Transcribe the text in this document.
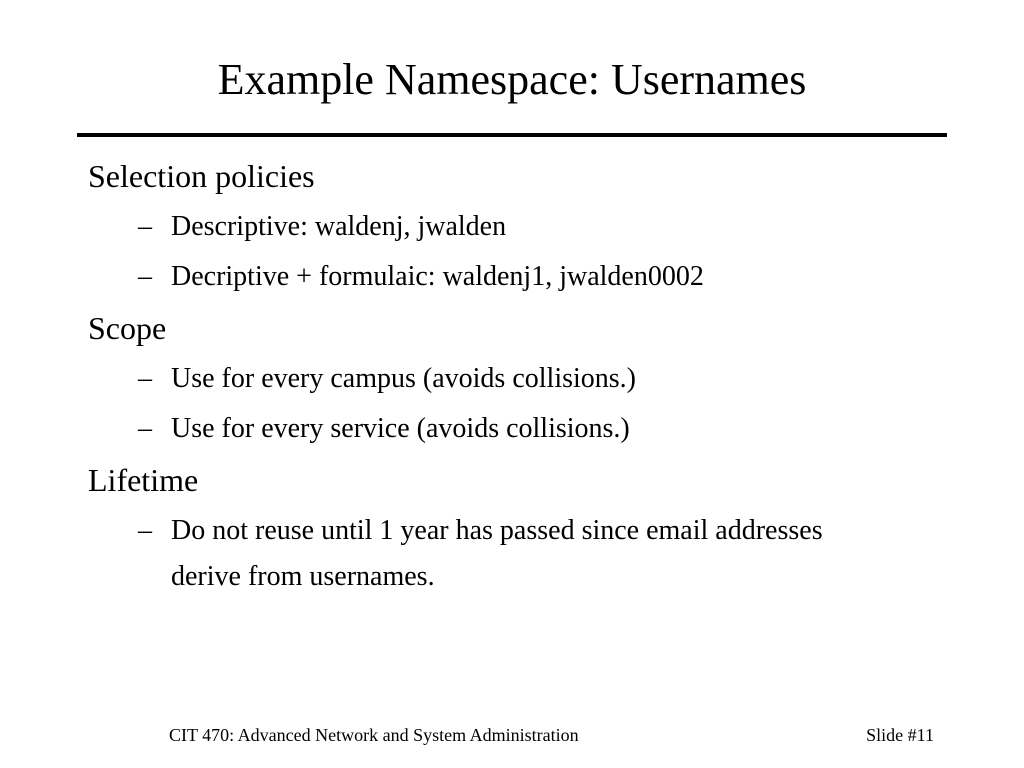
Example Namespace: Usernames
Selection policies
– Descriptive: waldenj, jwalden
– Decriptive + formulaic: waldenj1, jwalden0002
Scope
– Use for every campus (avoids collisions.)
– Use for every service (avoids collisions.)
Lifetime
– Do not reuse until 1 year has passed since email addresses derive from usernames.
CIT 470: Advanced Network and System Administration	Slide #11
